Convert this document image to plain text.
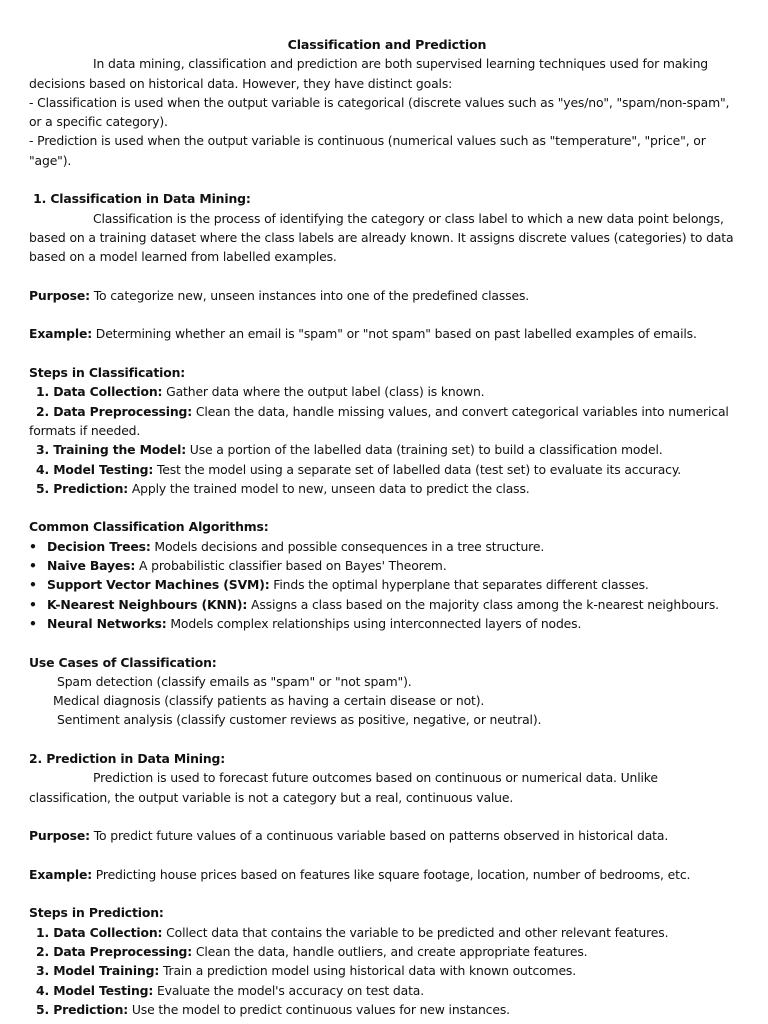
Classification and Prediction
In data mining, classification and prediction are both supervised learning techniques used for making
decisions based on historical data. However, they have distinct goals:
- Classification is used when the output variable is categorical (discrete values such as "yes/no", "spam/non-spam",
or a specific category).
- Prediction is used when the output variable is continuous (numerical values such as "temperature", "price", or
"age").
1. Classification in Data Mining:
Classification is the process of identifying the category or class label to which a new data point belongs,
based on a training dataset where the class labels are already known. It assigns discrete values (categories) to data
based on a model learned from labelled examples.
Purpose: To categorize new, unseen instances into one of the predefined classes.
Example: Determining whether an email is "spam" or "not spam" based on past labelled examples of emails.
Steps in Classification:
1. Data Collection: Gather data where the output label (class) is known.
2. Data Preprocessing: Clean the data, handle missing values, and convert categorical variables into numerical
formats if needed.
3. Training the Model: Use a portion of the labelled data (training set) to build a classification model.
4. Model Testing: Test the model using a separate set of labelled data (test set) to evaluate its accuracy.
5. Prediction: Apply the trained model to new, unseen data to predict the class.
Common Classification Algorithms:
• Decision Trees: Models decisions and possible consequences in a tree structure.
• Naive Bayes: A probabilistic classifier based on Bayes' Theorem.
• Support Vector Machines (SVM): Finds the optimal hyperplane that separates different classes.
• K-Nearest Neighbours (KNN): Assigns a class based on the majority class among the k-nearest neighbours.
• Neural Networks: Models complex relationships using interconnected layers of nodes.
Use Cases of Classification:
Spam detection (classify emails as "spam" or "not spam").
Medical diagnosis (classify patients as having a certain disease or not).
Sentiment analysis (classify customer reviews as positive, negative, or neutral).
2. Prediction in Data Mining:
Prediction is used to forecast future outcomes based on continuous or numerical data. Unlike
classification, the output variable is not a category but a real, continuous value.
Purpose: To predict future values of a continuous variable based on patterns observed in historical data.
Example: Predicting house prices based on features like square footage, location, number of bedrooms, etc.
Steps in Prediction:
1. Data Collection: Collect data that contains the variable to be predicted and other relevant features.
2. Data Preprocessing: Clean the data, handle outliers, and create appropriate features.
3. Model Training: Train a prediction model using historical data with known outcomes.
4. Model Testing: Evaluate the model's accuracy on test data.
5. Prediction: Use the model to predict continuous values for new instances.
